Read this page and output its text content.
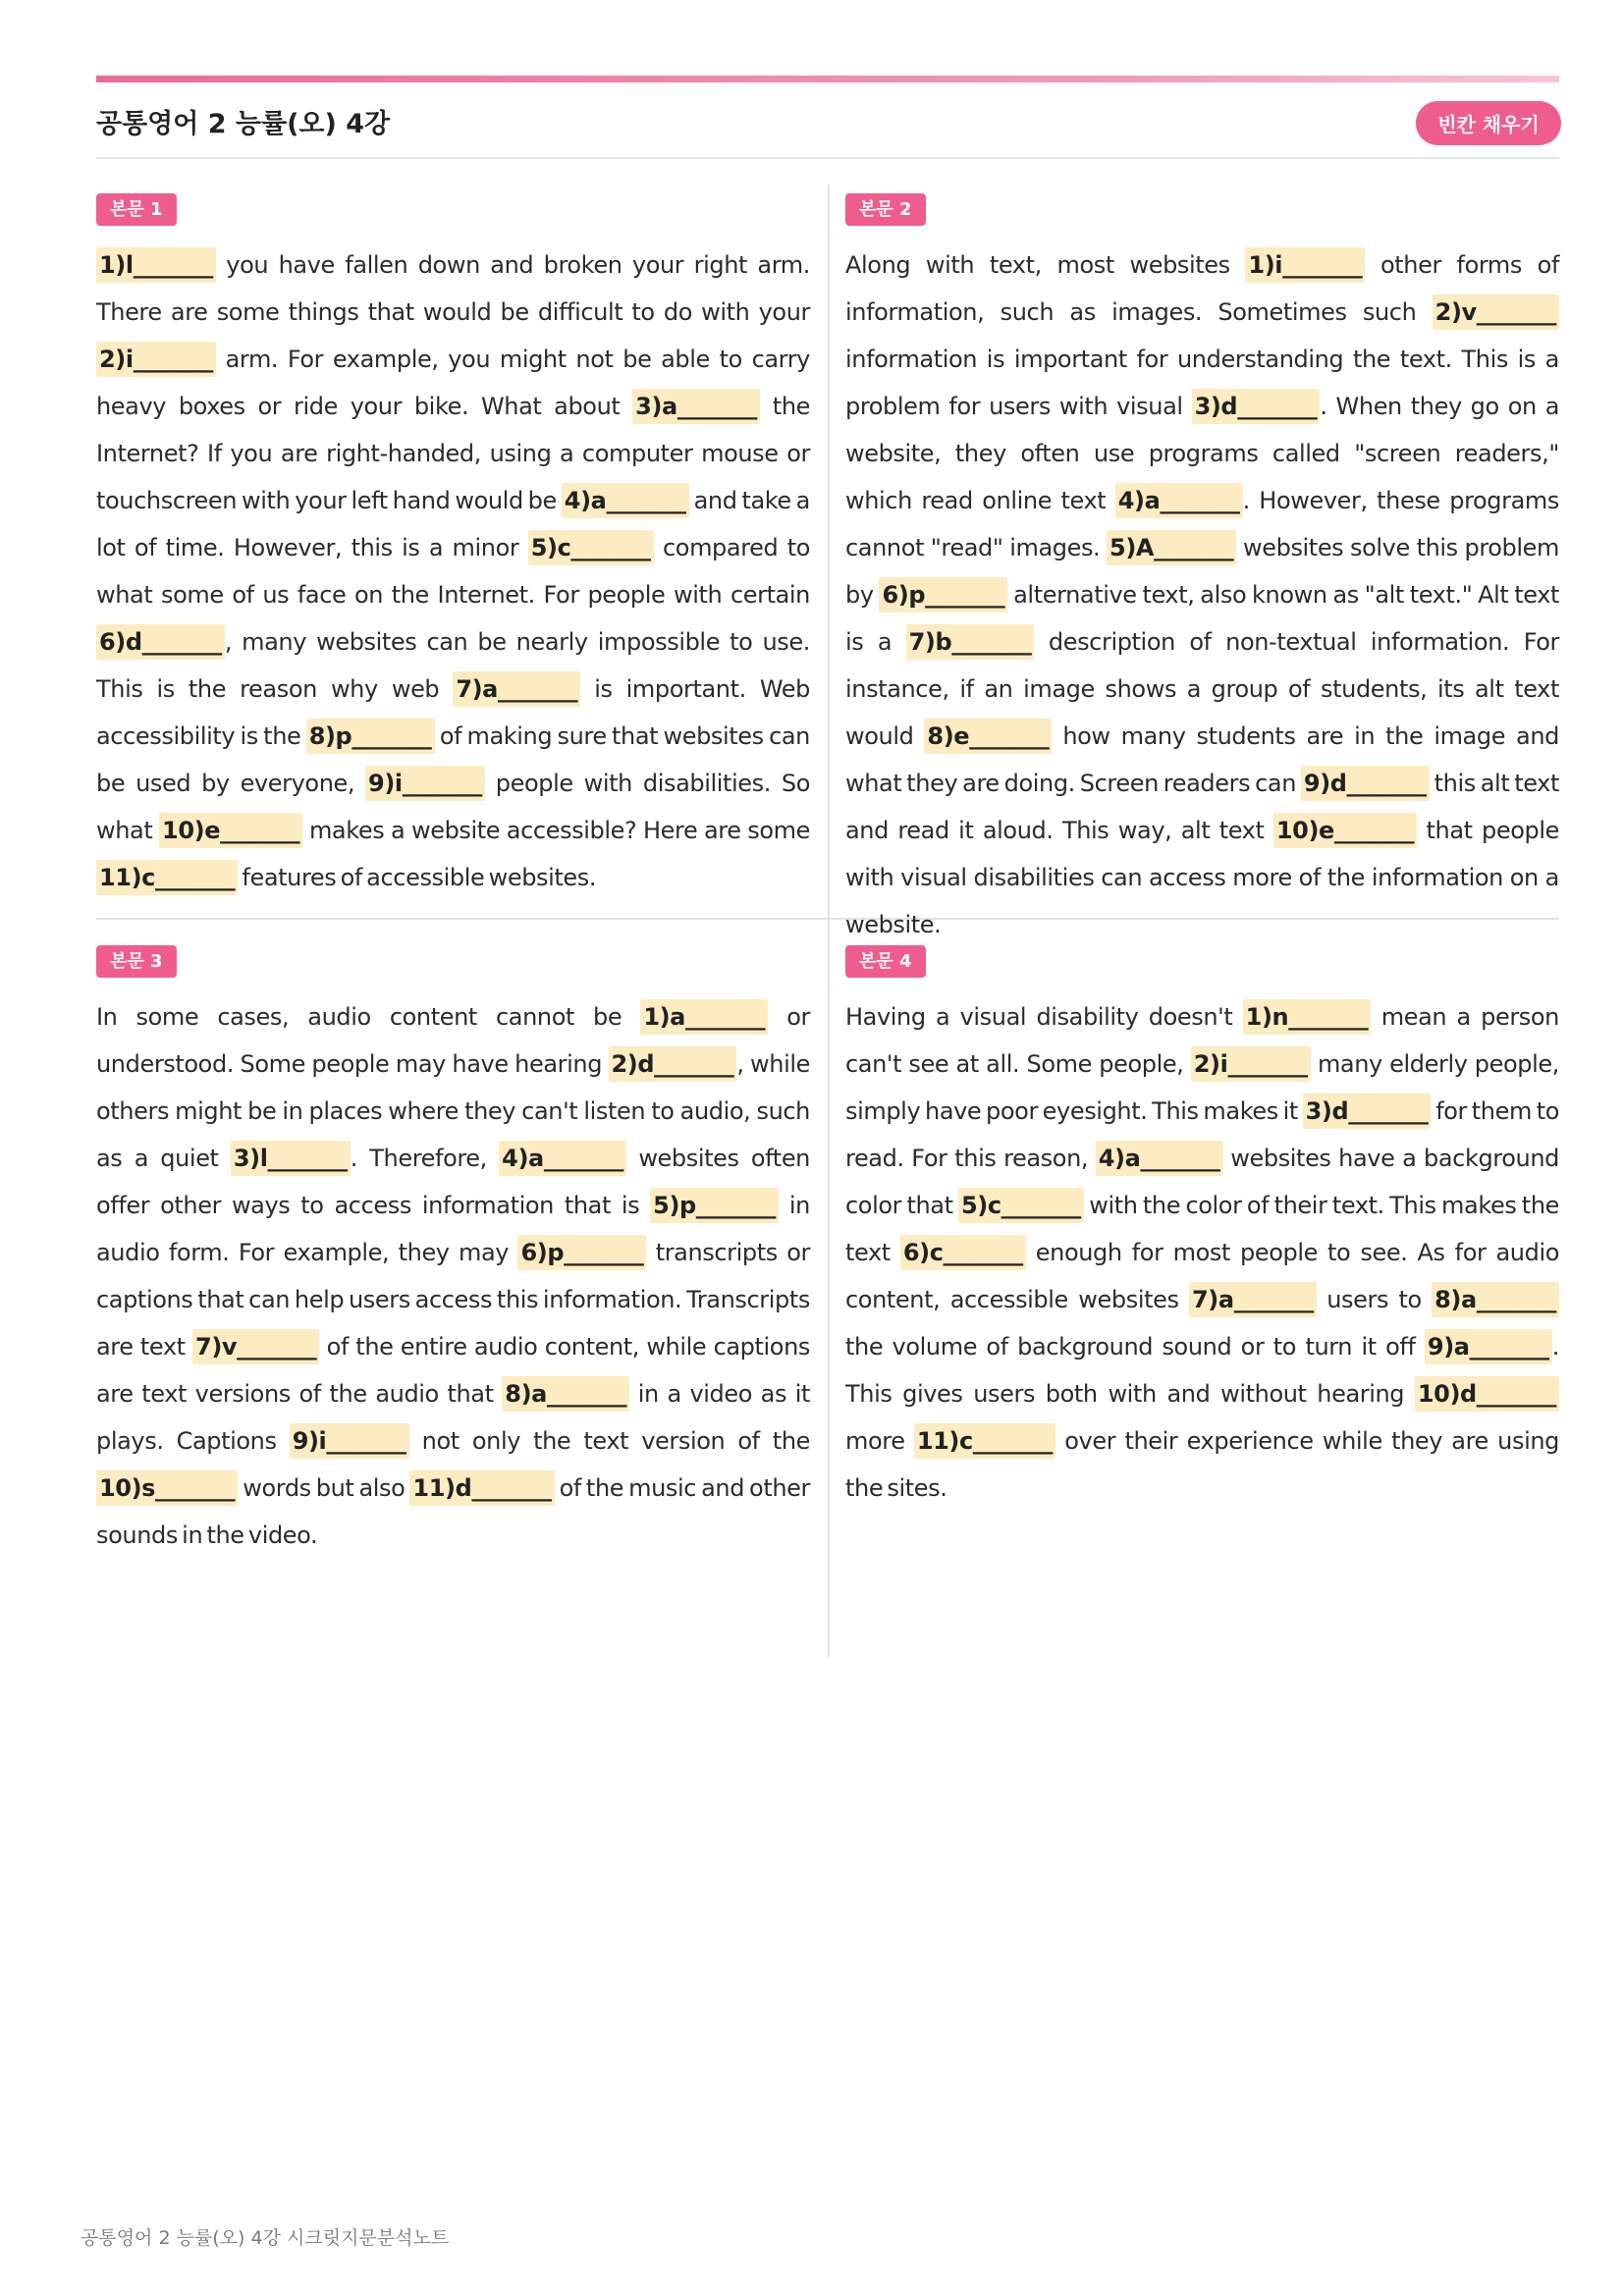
공통영어 2 능률(오) 4강	빈칸 채우기
본문 1
1)l_______ you have fallen down and broken your right arm. There are some things that would be difficult to do with your 2)i_______ arm. For example, you might not be able to carry heavy boxes or ride your bike. What about 3)a_______ the Internet? If you are right-handed, using a computer mouse or touchscreen with your left hand would be 4)a_______ and take a lot of time. However, this is a minor 5)c_______ compared to what some of us face on the Internet. For people with certain 6)d_______ , many websites can be nearly impossible to use. This is the reason why web 7)a_______ is important. Web accessibility is the 8)p_______ of making sure that websites can be used by everyone, 9)i_______ people with disabilities. So what 10)e_______ makes a website accessible? Here are some 11)c_______ features of accessible websites.
본문 2
Along with text, most websites 1)i_______ other forms of information, such as images. Sometimes such 2)v_______ information is important for understanding the text. This is a problem for users with visual 3)d_______ . When they go on a website, they often use programs called "screen readers," which read online text 4)a_______ . However, these programs cannot "read" images. 5)A_______ websites solve this problem by 6)p_______ alternative text, also known as "alt text." Alt text is a 7)b_______ description of non-textual information. For instance, if an image shows a group of students, its alt text would 8)e_______ how many students are in the image and what they are doing. Screen readers can 9)d_______ this alt text and read it aloud. This way, alt text 10)e_______ that people with visual disabilities can access more of the information on a website.
본문 3
In some cases, audio content cannot be 1)a_______ or understood. Some people may have hearing 2)d_______ , while others might be in places where they can't listen to audio, such as a quiet 3)l_______ . Therefore, 4)a_______ websites often offer other ways to access information that is 5)p_______ in audio form. For example, they may 6)p_______ transcripts or captions that can help users access this information. Transcripts are text 7)v_______ of the entire audio content, while captions are text versions of the audio that 8)a_______ in a video as it plays. Captions 9)i_______ not only the text version of the 10)s_______ words but also 11)d_______ of the music and other sounds in the video.
본문 4
Having a visual disability doesn't 1)n_______ mean a person can't see at all. Some people, 2)i_______ many elderly people, simply have poor eyesight. This makes it 3)d_______ for them to read. For this reason, 4)a_______ websites have a background color that 5)c_______ with the color of their text. This makes the text 6)c_______ enough for most people to see. As for audio content, accessible websites 7)a_______ users to 8)a_______ the volume of background sound or to turn it off 9)a_______ . This gives users both with and without hearing 10)d_______ more 11)c_______ over their experience while they are using the sites.
공통영어 2 능률(오) 4강 시크릿지문분석노트
